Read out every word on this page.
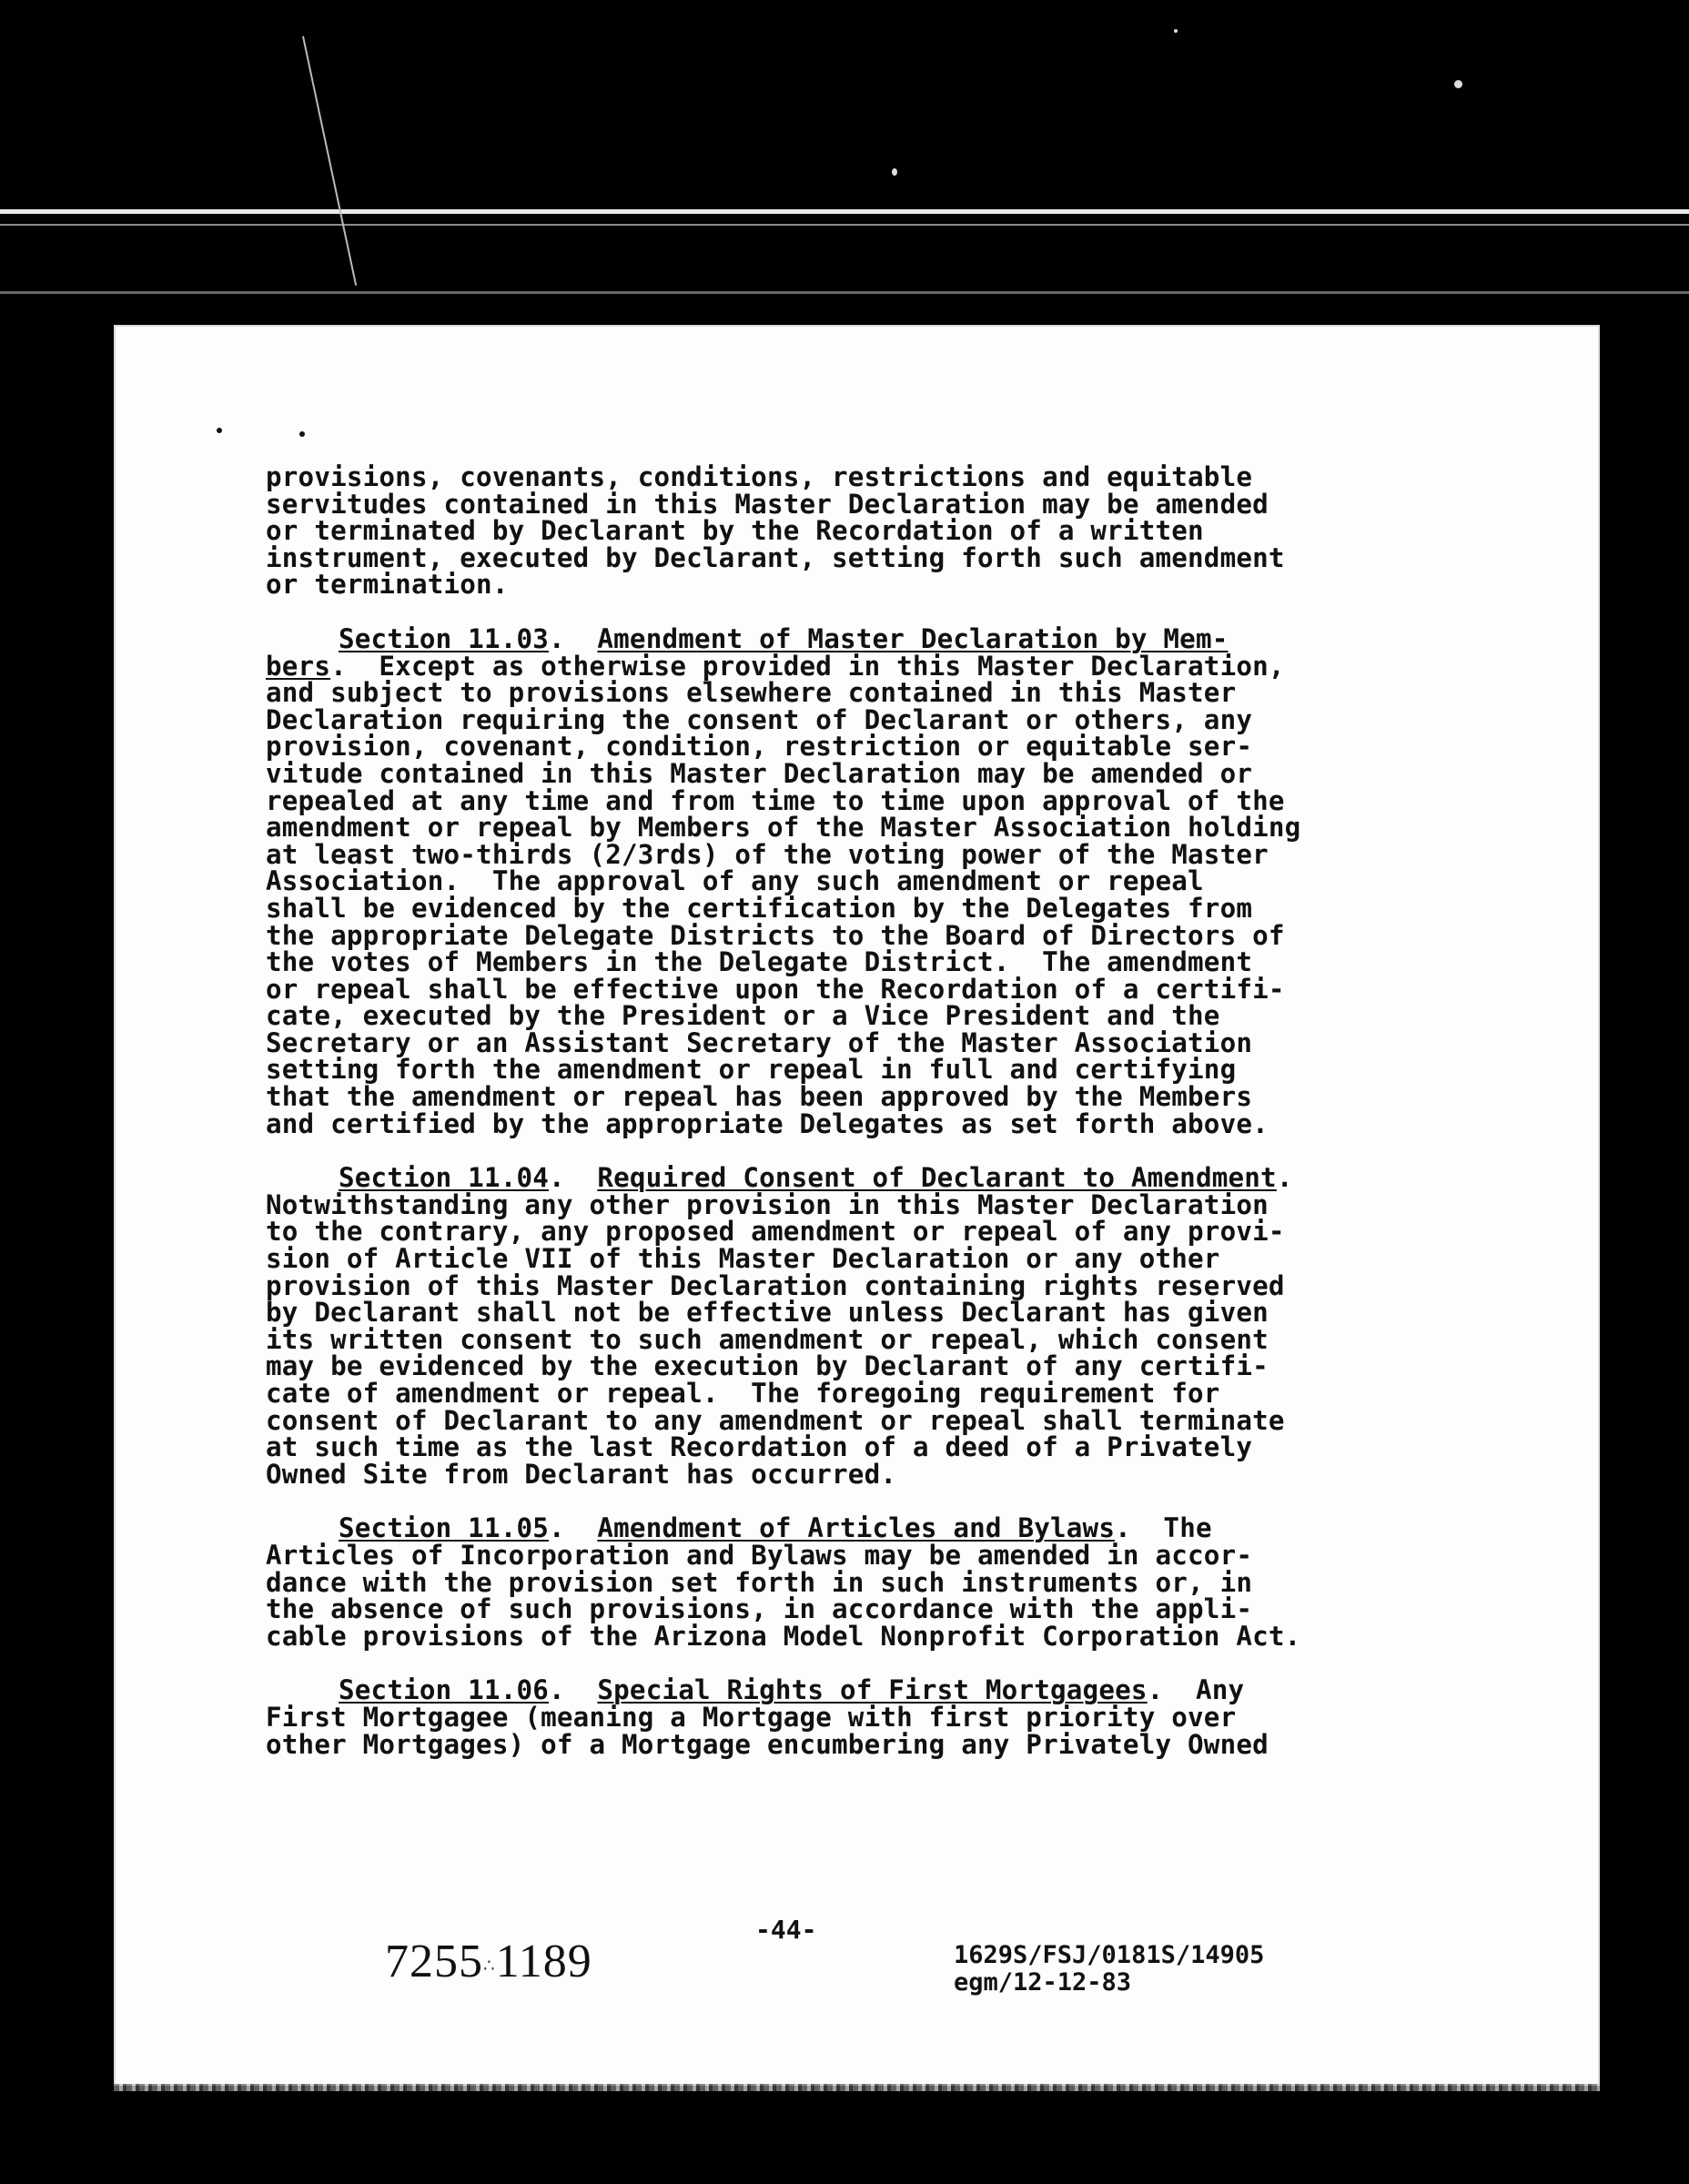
provisions, covenants, conditions, restrictions and equitable
servitudes contained in this Master Declaration may be amended
or terminated by Declarant by the Recordation of a written
instrument, executed by Declarant, setting forth such amendment
or termination.

Section 11.03.  Amendment of Master Declaration by Mem-
bers.  Except as otherwise provided in this Master Declaration,
and subject to provisions elsewhere contained in this Master
Declaration requiring the consent of Declarant or others, any
provision, covenant, condition, restriction or equitable ser-
vitude contained in this Master Declaration may be amended or
repealed at any time and from time to time upon approval of the
amendment or repeal by Members of the Master Association holding
at least two-thirds (2/3rds) of the voting power of the Master
Association.  The approval of any such amendment or repeal
shall be evidenced by the certification by the Delegates from
the appropriate Delegate Districts to the Board of Directors of
the votes of Members in the Delegate District.  The amendment
or repeal shall be effective upon the Recordation of a certifi-
cate, executed by the President or a Vice President and the
Secretary or an Assistant Secretary of the Master Association
setting forth the amendment or repeal in full and certifying
that the amendment or repeal has been approved by the Members
and certified by the appropriate Delegates as set forth above.

Section 11.04.  Required Consent of Declarant to Amendment.
Notwithstanding any other provision in this Master Declaration
to the contrary, any proposed amendment or repeal of any provi-
sion of Article VII of this Master Declaration or any other
provision of this Master Declaration containing rights reserved
by Declarant shall not be effective unless Declarant has given
its written consent to such amendment or repeal, which consent
may be evidenced by the execution by Declarant of any certifi-
cate of amendment or repeal.  The foregoing requirement for
consent of Declarant to any amendment or repeal shall terminate
at such time as the last Recordation of a deed of a Privately
Owned Site from Declarant has occurred.

Section 11.05.  Amendment of Articles and Bylaws.  The
Articles of Incorporation and Bylaws may be amended in accor-
dance with the provision set forth in such instruments or, in
the absence of such provisions, in accordance with the appli-
cable provisions of the Arizona Model Nonprofit Corporation Act.

Section 11.06.  Special Rights of First Mortgagees.  Any
First Mortgagee (meaning a Mortgage with first priority over
other Mortgages) of a Mortgage encumbering any Privately Owned

-44-
7255∴1189	1629S/FSJ/0181S/14905
egm/12-12-83
